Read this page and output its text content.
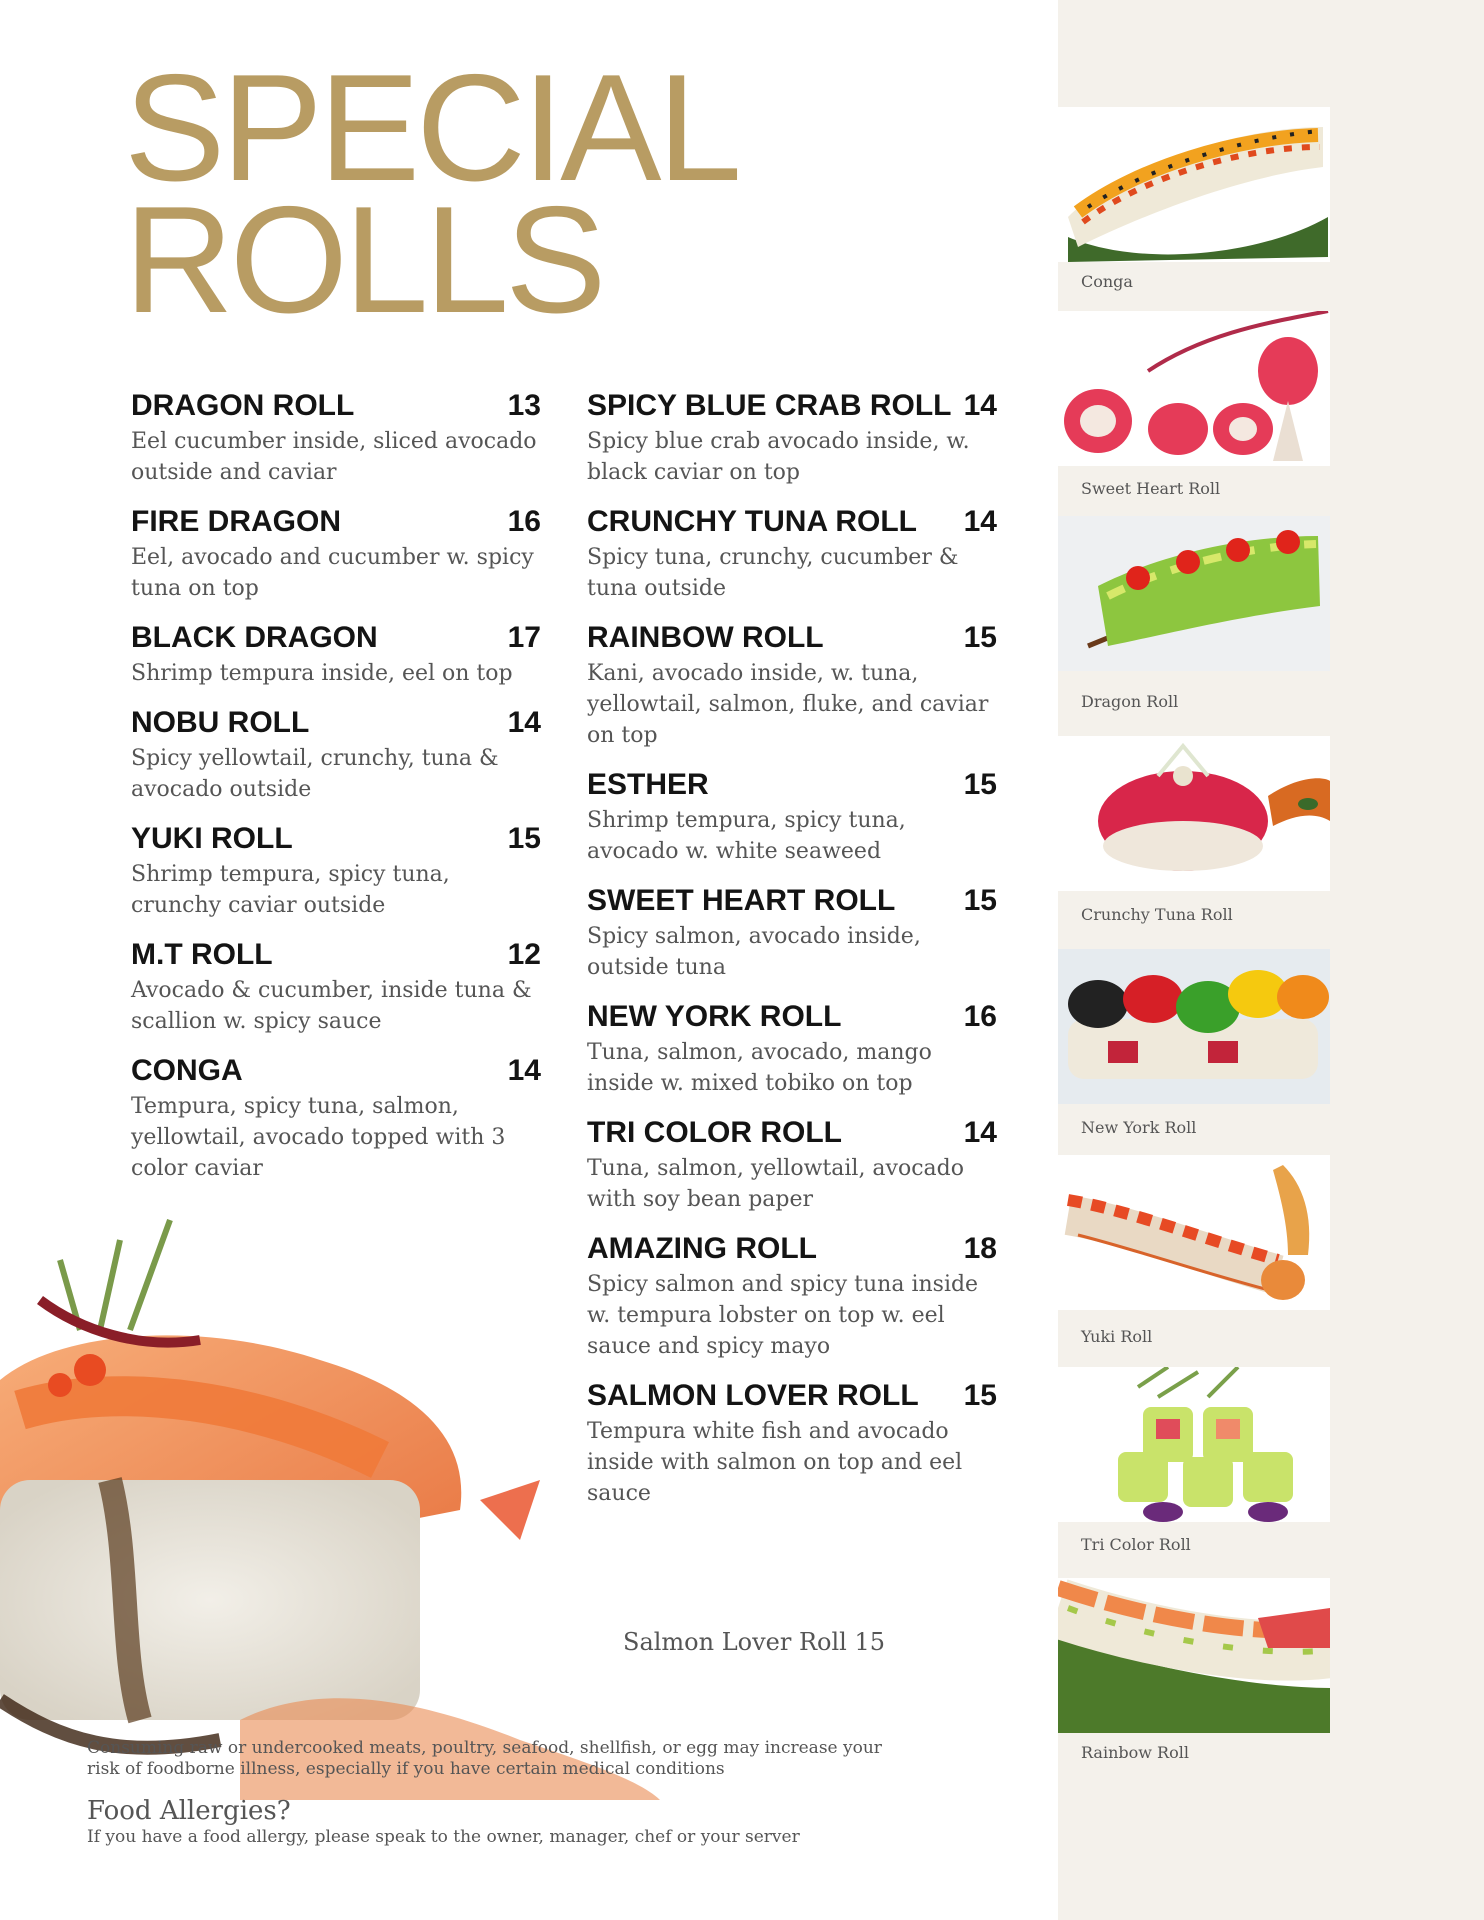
SPECIAL
ROLLS
DRAGON ROLL	13
Eel cucumber inside, sliced avocado outside and caviar
FIRE DRAGON	16
Eel, avocado and cucumber w. spicy tuna on top
BLACK DRAGON	17
Shrimp tempura inside, eel on top
NOBU ROLL	14
Spicy yellowtail, crunchy, tuna & avocado outside
YUKI ROLL	15
Shrimp tempura, spicy tuna, crunchy caviar outside
M.T ROLL	12
Avocado & cucumber, inside tuna & scallion w. spicy sauce
CONGA	14
Tempura, spicy tuna, salmon, yellowtail, avocado topped with 3 color caviar
SPICY BLUE CRAB ROLL 14
Spicy blue crab avocado inside, w. black caviar on top
CRUNCHY TUNA ROLL 14
Spicy tuna, crunchy, cucumber & tuna outside
RAINBOW ROLL	15
Kani, avocado inside, w. tuna, yellowtail, salmon, fluke, and caviar on top
ESTHER	15
Shrimp tempura, spicy tuna, avocado w. white seaweed
SWEET HEART ROLL 15
Spicy salmon, avocado inside, outside tuna
NEW YORK ROLL	16
Tuna, salmon, avocado, mango inside w. mixed tobiko on top
TRI COLOR ROLL	14
Tuna, salmon, yellowtail, avocado with soy bean paper
AMAZING ROLL	18
Spicy salmon and spicy tuna inside w. tempura lobster on top w. eel sauce and spicy mayo
SALMON LOVER ROLL 15
Tempura white fish and avocado inside with salmon on top and eel sauce
Salmon Lover Roll 15
Consuming raw or undercooked meats, poultry, seafood, shellfish, or egg may increase your risk of foodborne illness, especially if you have certain medical conditions
Food Allergies?
If you have a food allergy, please speak to the owner, manager, chef or your server
Conga
Sweet Heart Roll
Dragon Roll
Crunchy Tuna Roll
New York Roll
Yuki Roll
Tri Color Roll
Rainbow Roll
